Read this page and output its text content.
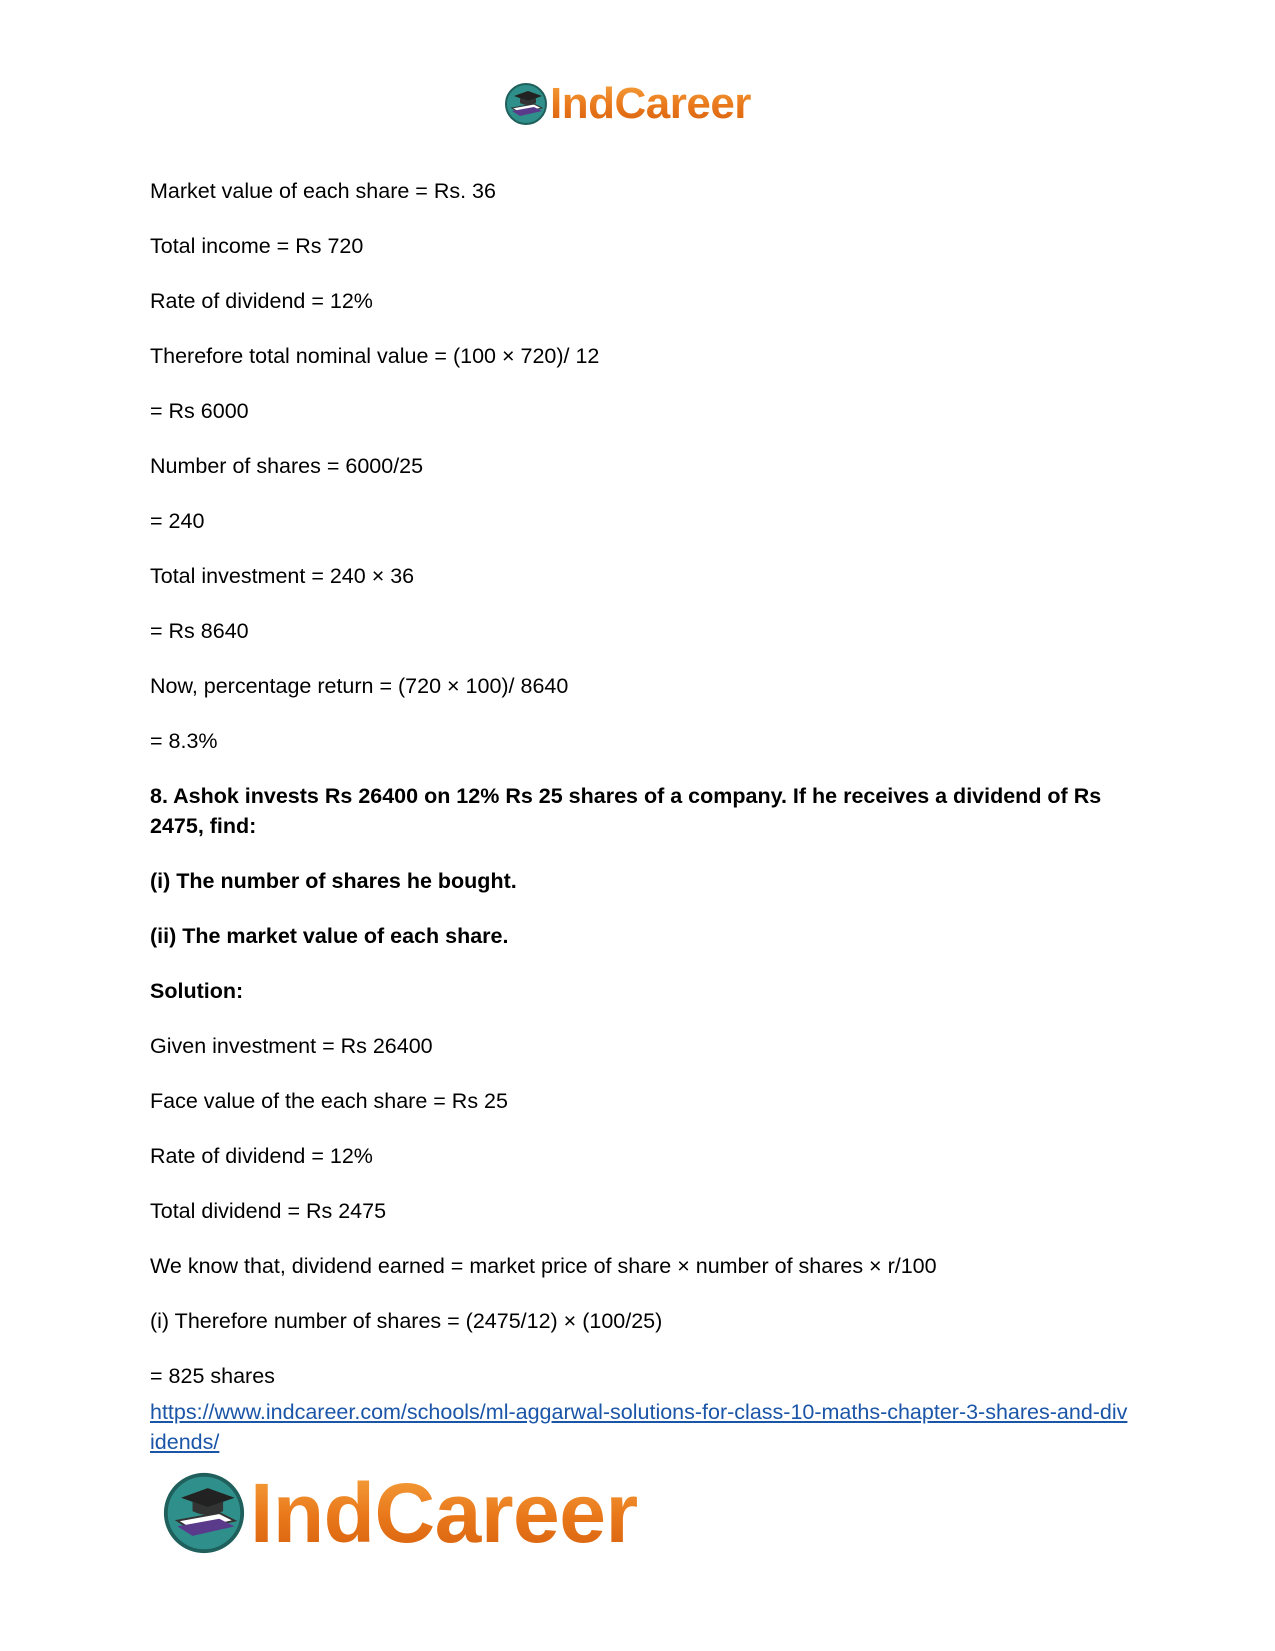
IndCareer
Market value of each share = Rs. 36
Total income = Rs 720
Rate of dividend = 12%
Therefore total nominal value = (100 × 720)/ 12
= Rs 6000
Number of shares = 6000/25
= 240
Total investment = 240 × 36
= Rs 8640
Now, percentage return = (720 × 100)/ 8640
= 8.3%
8. Ashok invests Rs 26400 on 12% Rs 25 shares of a company. If he receives a dividend of Rs 2475, find:
(i) The number of shares he bought.
(ii) The market value of each share.
Solution:
Given investment = Rs 26400
Face value of the each share = Rs 25
Rate of dividend = 12%
Total dividend = Rs 2475
We know that, dividend earned = market price of share × number of shares × r/100
(i) Therefore number of shares = (2475/12) × (100/25)
= 825 shares
https://www.indcareer.com/schools/ml-aggarwal-solutions-for-class-10-maths-chapter-3-shares-and-dividends/
IndCareer
